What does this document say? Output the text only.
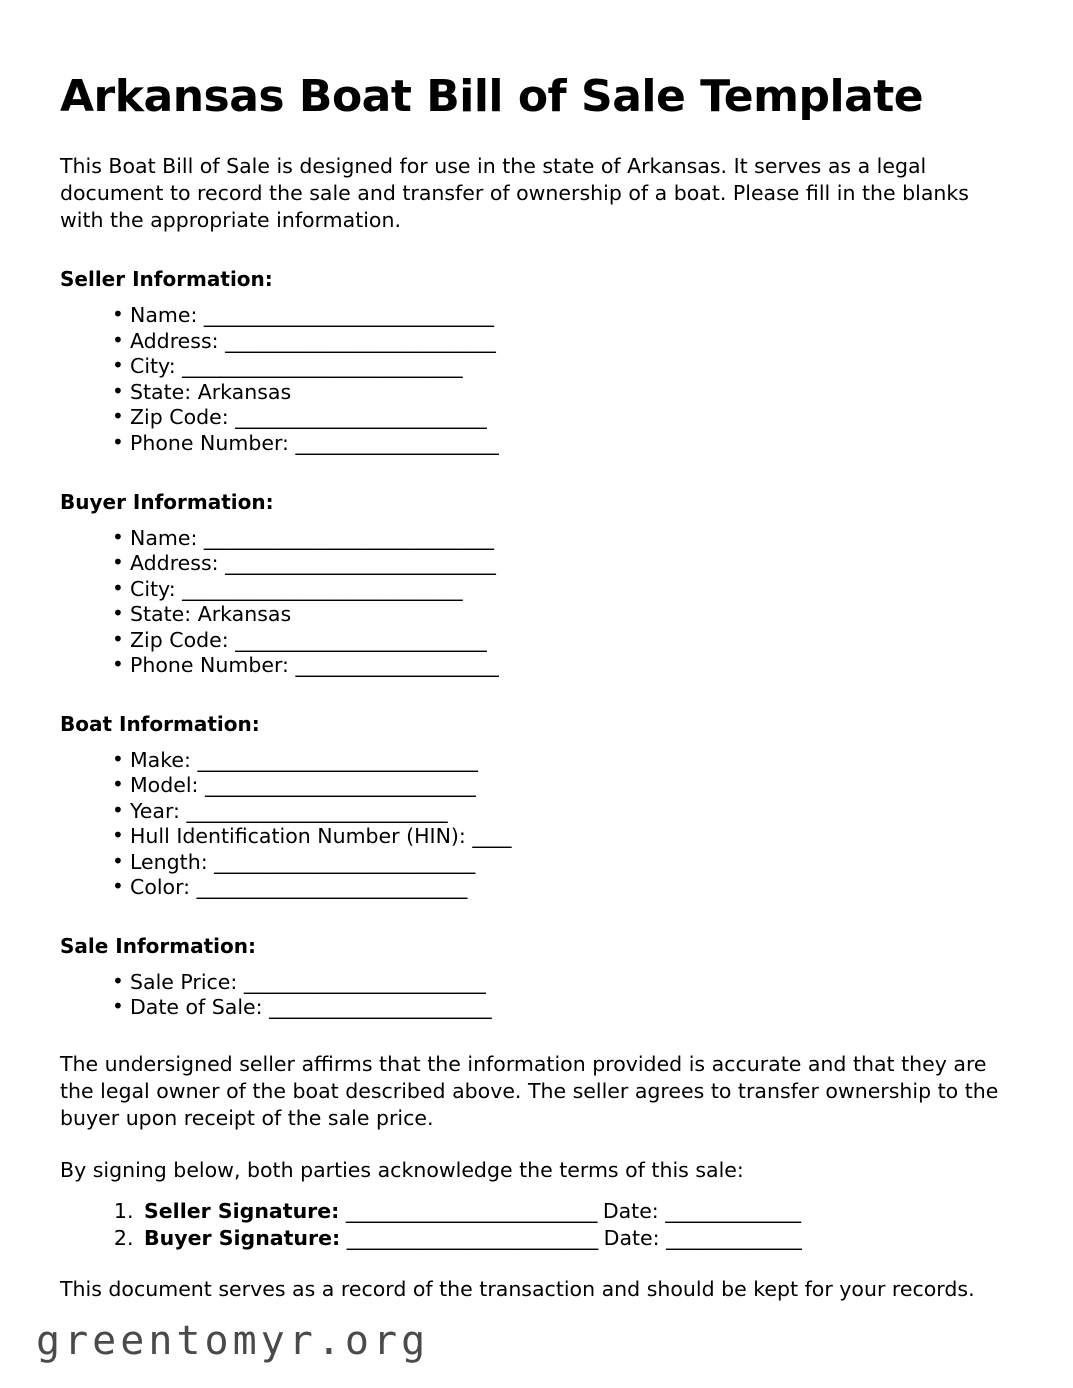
Arkansas Boat Bill of Sale Template

This Boat Bill of Sale is designed for use in the state of Arkansas. It serves as a legal document to record the sale and transfer of ownership of a boat. Please fill in the blanks with the appropriate information.

Seller Information:
• Name: ______________________________
• Address: ____________________________
• City: _____________________________
• State: Arkansas
• Zip Code: __________________________
• Phone Number: _____________________
Buyer Information:
• Name: ______________________________
• Address: ____________________________
• City: _____________________________
• State: Arkansas
• Zip Code: __________________________
• Phone Number: _____________________
Boat Information:
• Make: _____________________________
• Model: ____________________________
• Year: ___________________________
• Hull Identification Number (HIN): ____
• Length: ___________________________
• Color: ____________________________
Sale Information:
• Sale Price: _________________________
• Date of Sale: _______________________

The undersigned seller affirms that the information provided is accurate and that they are the legal owner of the boat described above. The seller agrees to transfer ownership to the buyer upon receipt of the sale price.

By signing below, both parties acknowledge the terms of this sale:

1. Seller Signature: __________________________ Date: ______________
2. Buyer Signature: __________________________ Date: ______________

This document serves as a record of the transaction and should be kept for your records.

greentomyr.org
